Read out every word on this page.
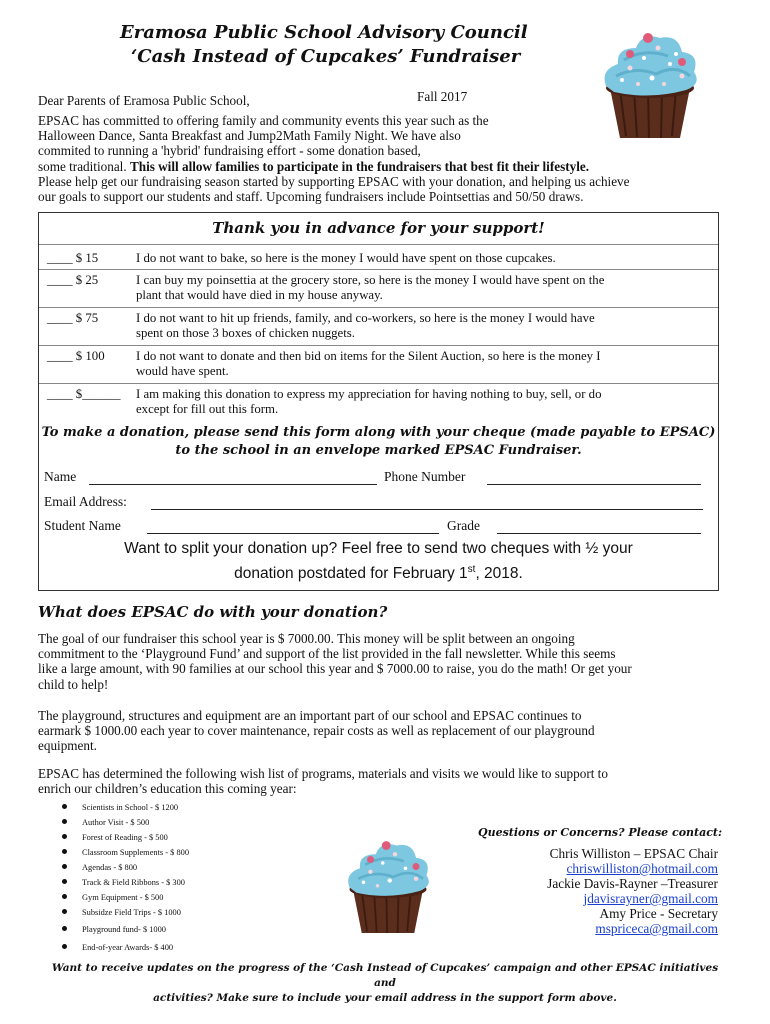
Eramosa Public School Advisory Council
‘Cash Instead of Cupcakes’ Fundraiser
Dear Parents of Eramosa Public School,	Fall 2017
EPSAC has committed to offering family and community events this year such as the
Halloween Dance, Santa Breakfast and Jump2Math Family Night. We have also
commited to running a 'hybrid' fundraising effort - some donation based,
some traditional. This will allow families to participate in the fundraisers that best fit their lifestyle.
Please help get our fundraising season started by supporting EPSAC with your donation, and helping us achieve
our goals to support our students and staff. Upcoming fundraisers include Pointsettias and 50/50 draws.
Thank you in advance for your support!
____ $ 15	I do not want to bake, so here is the money I would have spent on those cupcakes.
____ $ 25	I can buy my poinsettia at the grocery store, so here is the money I would have spent on the
plant that would have died in my house anyway.
____ $ 75	I do not want to hit up friends, family, and co-workers, so here is the money I would have
spent on those 3 boxes of chicken nuggets.
____ $ 100 I do not want to donate and then bid on items for the Silent Auction, so here is the money I
would have spent.
____ $______ I am making this donation to express my appreciation for having nothing to buy, sell, or do
except for fill out this form.
To make a donation, please send this form along with your cheque (made payable to EPSAC)
to the school in an envelope marked EPSAC Fundraiser.
Name	Phone Number
Email Address:
Student Name	Grade
Want to split your donation up? Feel free to send two cheques with ½ your
donation postdated for February 1st, 2018.
What does EPSAC do with your donation?
The goal of our fundraiser this school year is $ 7000.00. This money will be split between an ongoing
commitment to the ‘Playground Fund’ and support of the list provided in the fall newsletter. While this seems
like a large amount, with 90 families at our school this year and $ 7000.00 to raise, you do the math! Or get your
child to help!
The playground, structures and equipment are an important part of our school and EPSAC continues to
earmark $ 1000.00 each year to cover maintenance, repair costs as well as replacement of our playground
equipment.
EPSAC has determined the following wish list of programs, materials and visits we would like to support to
enrich our children’s education this coming year:
Scientists in School - $ 1200
Author Visit - $ 500
Forest of Reading - $ 500
Classroom Supplements - $ 800
Agendas - $ 800
Track & Field Ribbons - $ 300
Gym Equipment - $ 500
Subsidze Field Trips - $ 1000
Playground fund- $ 1000
End-of-year Awards- $ 400
Questions or Concerns? Please contact:
Chris Williston – EPSAC Chair
chriswilliston@hotmail.com
Jackie Davis-Rayner –Treasurer
jdavisrayner@gmail.com
Amy Price - Secretary
mspriceca@gmail.com
Want to receive updates on the progress of the ‘Cash Instead of Cupcakes’ campaign and other EPSAC initiatives and
activities? Make sure to include your email address in the support form above.
